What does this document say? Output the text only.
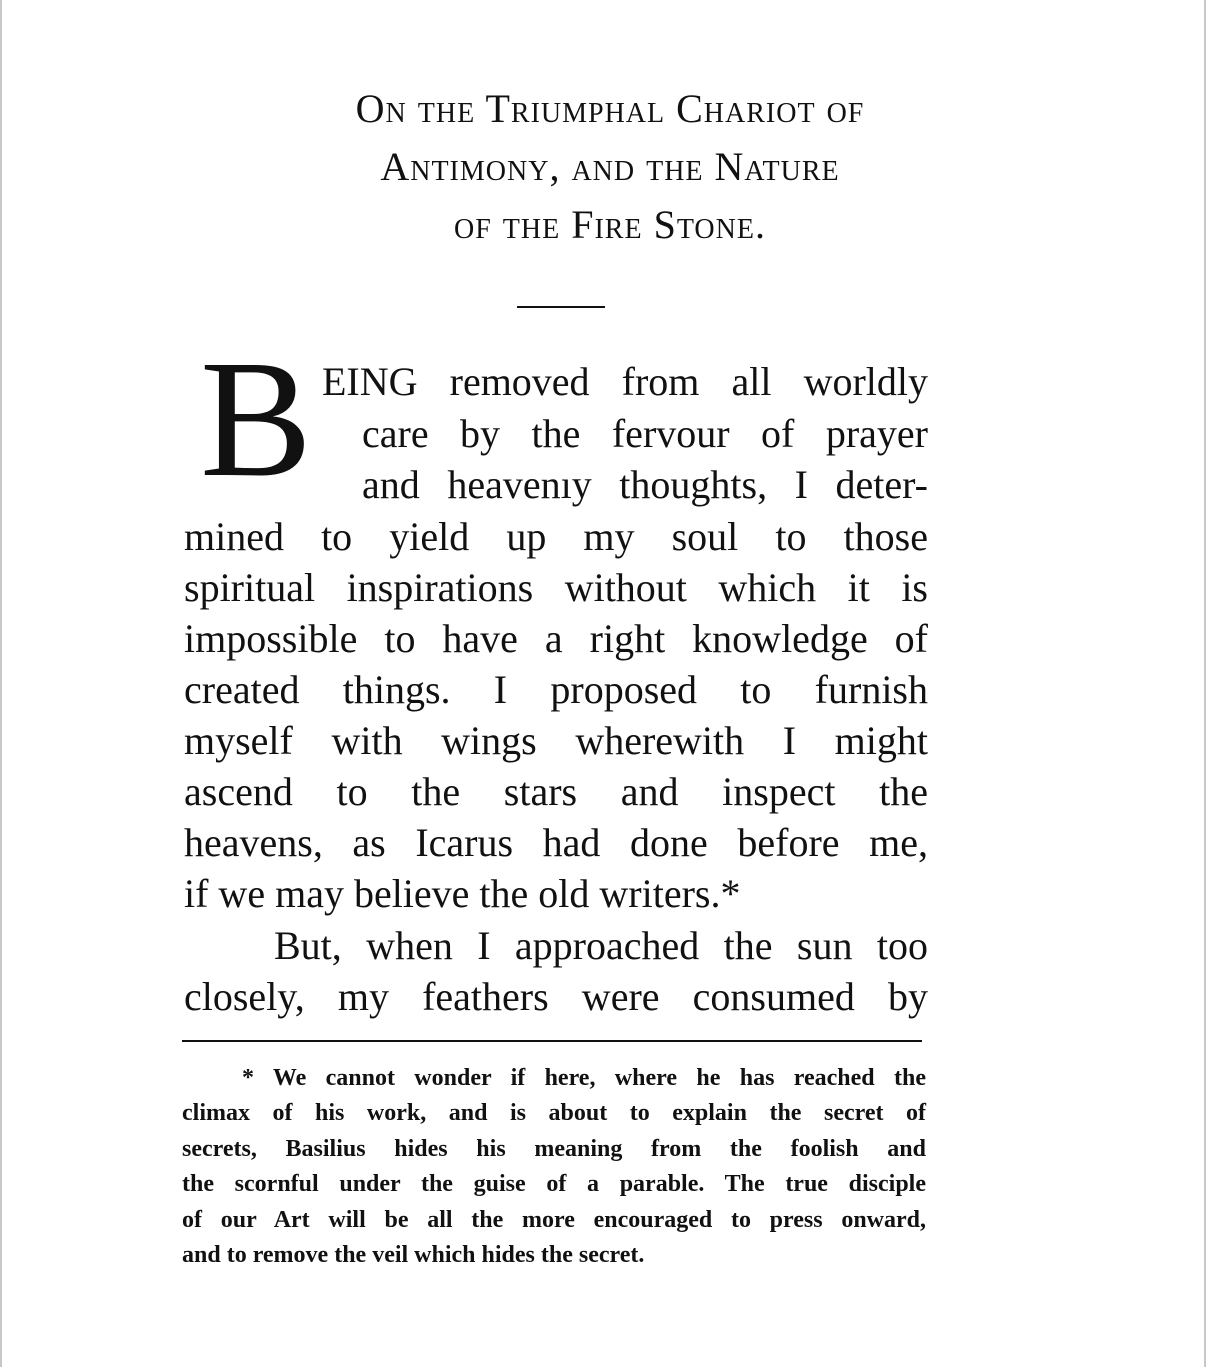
On the Triumphal Chariot of
Antimony, and the Nature
of the Fire Stone.
B EING removed from all worldly
care by the fervour of prayer
and heavenıy thoughts, I deter-
mined to yield up my soul to those
spiritual inspirations without which it is
impossible to have a right knowledge of
created things. I proposed to furnish
myself with wings wherewith I might
ascend to the stars and inspect the
heavens, as Icarus had done before me,
if we may believe the old writers.*
But, when I approached the sun too
closely, my feathers were consumed by
* We cannot wonder if here, where he has reached the
climax of his work, and is about to explain the secret of
secrets, Basilius hides his meaning from the foolish and
the scornful under the guise of a parable. The true disciple
of our Art will be all the more encouraged to press onward,
and to remove the veil which hides the secret.
